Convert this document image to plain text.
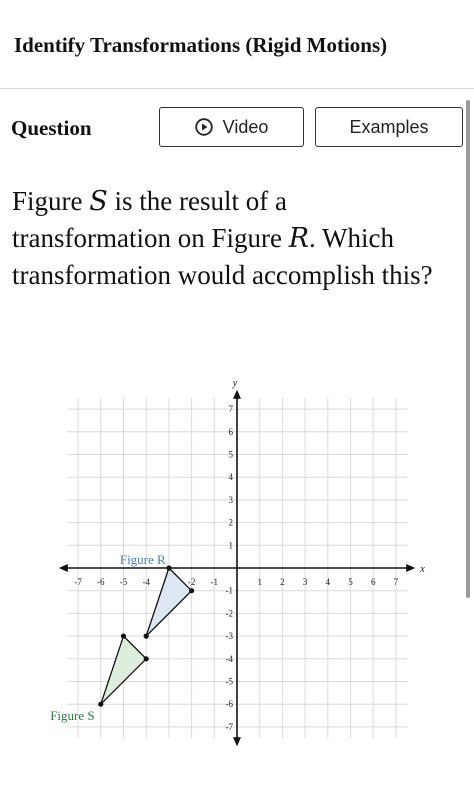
Identify Transformations (Rigid Motions)
Question	Video	Examples
Figure S is the result of a transformation on Figure R. Which transformation would accomplish this?
x
y
-7 -6 -5 -4	-2 -1	1 2 3 4 5 6 7
7
6
5
4
3
2
1
-1
-2
-3
-4
-5
-6
-7
Figure R
Figure S
